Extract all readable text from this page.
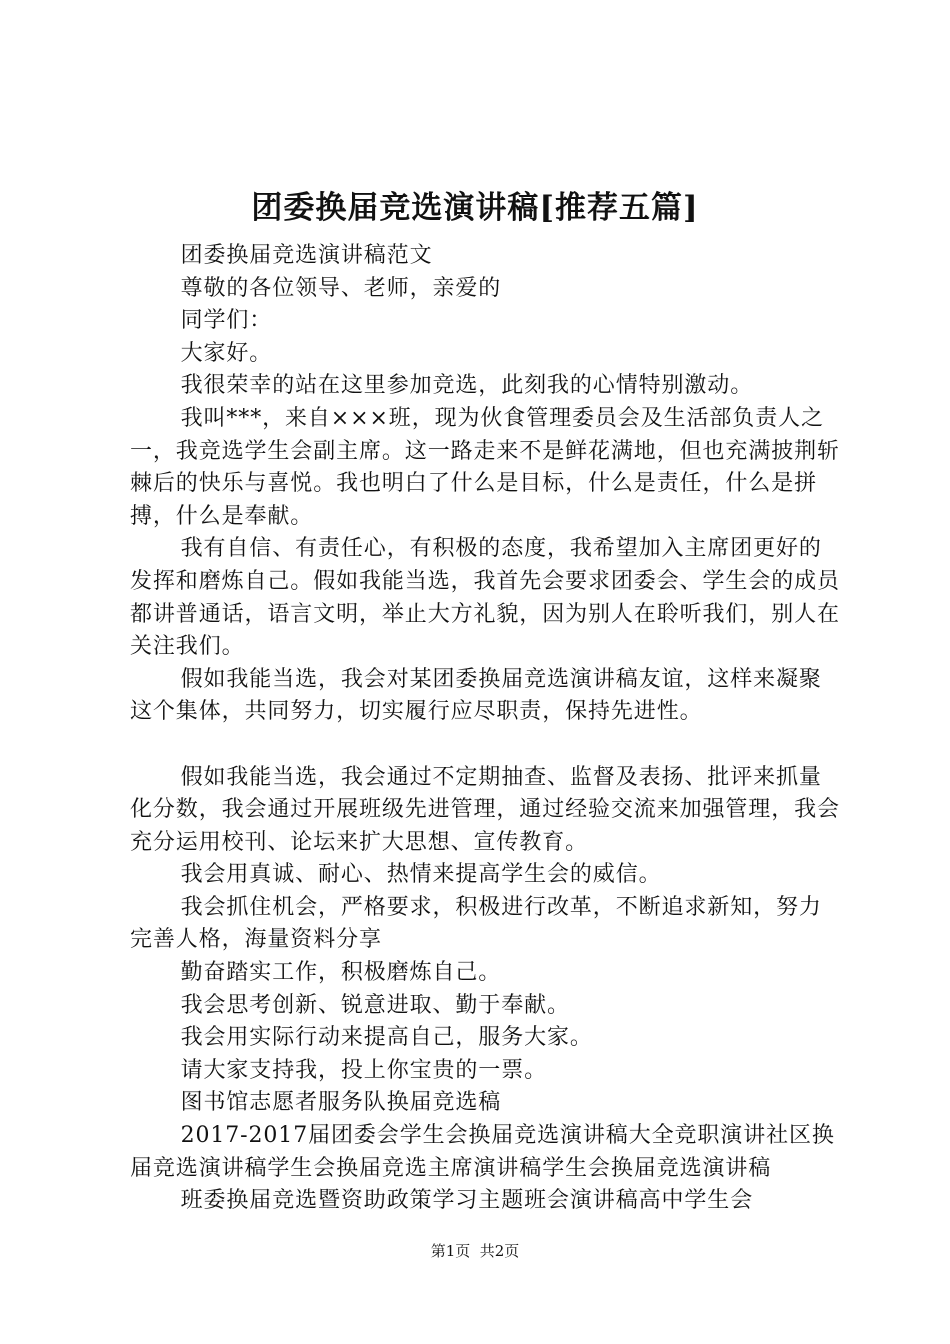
团委换届竞选演讲稿[推荐五篇]

团委换届竞选演讲稿范文

尊敬的各位领导、老师，亲爱的

同学们：

大家好。

我很荣幸的站在这里参加竞选，此刻我的心情特别激动。

我叫***，来自×××班，现为伙食管理委员会及生活部负责人之一，我竞选学生会副主席。这一路走来不是鲜花满地，但也充满披荆斩棘后的快乐与喜悦。我也明白了什么是目标，什么是责任，什么是拼搏，什么是奉献。

我有自信、有责任心，有积极的态度，我希望加入主席团更好的发挥和磨炼自己。假如我能当选，我首先会要求团委会、学生会的成员都讲普通话，语言文明，举止大方礼貌，因为别人在聆听我们，别人在关注我们。

假如我能当选，我会对某团委换届竞选演讲稿友谊，这样来凝聚这个集体，共同努力，切实履行应尽职责，保持先进性。

假如我能当选，我会通过不定期抽查、监督及表扬、批评来抓量化分数，我会通过开展班级先进管理，通过经验交流来加强管理，我会充分运用校刊、论坛来扩大思想、宣传教育。

我会用真诚、耐心、热情来提高学生会的威信。

我会抓住机会，严格要求，积极进行改革，不断追求新知，努力完善人格，海量资料分享

勤奋踏实工作，积极磨炼自己。

我会思考创新、锐意进取、勤于奉献。

我会用实际行动来提高自己，服务大家。

请大家支持我，投上你宝贵的一票。

图书馆志愿者服务队换届竞选稿

2017-2017届团委会学生会换届竞选演讲稿大全竞职演讲社区换届竞选演讲稿学生会换届竞选主席演讲稿学生会换届竞选演讲稿

班委换届竞选暨资助政策学习主题班会演讲稿高中学生会

第1页  共2页
